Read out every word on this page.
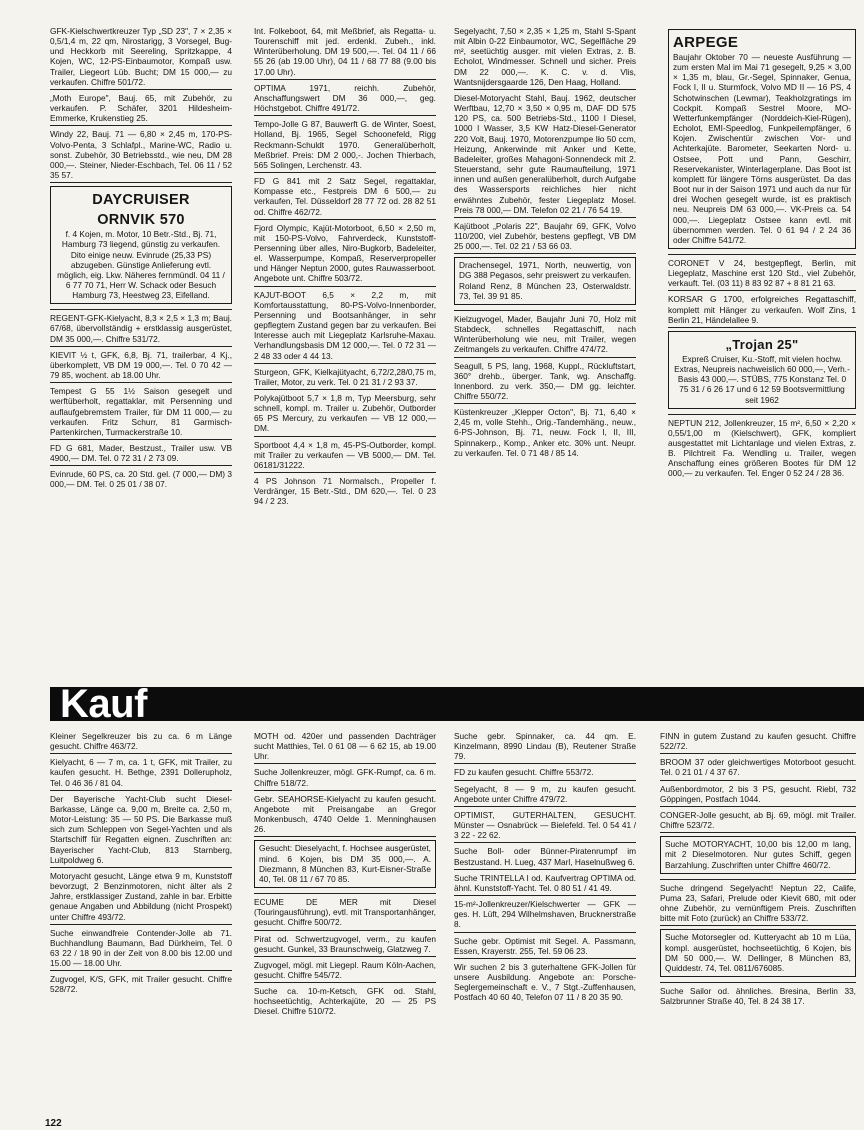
GFK-Kielschwertkreuzer Typ „SD 23", 7 × 2,35 × 0,5/1,4 m, 22 qm, Nirostarigg, 3 Vorsegel, Bug- und Heckkorb mit Seereling, Spritzkappe, 4 Kojen, WC, 12-PS-Einbaumotor, Kompaß usw. Trailer, Liegeort Lüb. Bucht; DM 15 000,— zu verkaufen. Chiffre 501/72.
„Moth Europe", Bauj. 65, mit Zubehör, zu verkaufen. P. Schäfer, 3201 Hildesheim-Emmerke, Krukenstieg 25.
Windy 22, Bauj. 71 — 6,80 × 2,45 m, 170-PS-Volvo-Penta, 3 Schlafpl., Marine-WC, Radio u. sonst. Zubehör, 30 Betriebsstd., wie neu, DM 28 000,—. Steiner, Nieder-Eschbach, Tel. 06 11 / 52 35 57.
DAYCRUISER
ORNVIK 570
f. 4 Kojen, m. Motor, 10 Betr.-Std., Bj. 71, Hamburg 73 liegend, günstig zu verkaufen. Dito einige neuw. Evinrude (25,33 PS) abzugeben. Günstige Anlieferung evtl. möglich, eig. Lkw. Näheres fernmündl. 04 11 / 6 77 70 71, Herr W. Schack oder Besuch Hamburg 73, Heestweg 23, Eifelland.
REGENT-GFK-Kielyacht, 8,3 × 2,5 × 1,3 m; Bauj. 67/68, übervollständig + erstklassig ausgerüstet, DM 35 000,—. Chiffre 531/72.
KIEVIT ½ t, GFK, 6,8, Bj. 71, trailerbar, 4 Kj., überkomplett, VB DM 19 000,—. Tel. 0 70 42 — 79 85, wochent. ab 18.00 Uhr.
Tempest G 55 1½ Saison gesegelt und werftüberholt, regattaklar, mit Persenning und auflaufgebremstem Trailer, für DM 11 000,— zu verkaufen. Fritz Schurr, 81 Garmisch-Partenkirchen, Turmackerstraße 10.
FD G 681, Mader, Bestzust., Trailer usw. VB 4900,— DM. Tel. 0 72 31 / 2 73 09.
Evinrude, 60 PS, ca. 20 Std. gel. (7 000,— DM) 3 000,— DM. Tel. 0 25 01 / 38 07.
Int. Folkeboot, 64, mit Meßbrief, als Regatta- u. Tourenschiff mit jed. erdenkl. Zubeh., inkl. Winterüberholung. DM 19 500,—. Tel. 04 11 / 66 55 26 (ab 19.00 Uhr), 04 11 / 68 77 88 (9.00 bis 17.00 Uhr).
OPTIMA 1971, reichh. Zubehör, Anschaffungswert DM 36 000,—, geg. Höchstgebot. Chiffre 491/72.
Tempo-Jolle G 87, Bauwerft G. de Winter, Soest, Holland, Bj. 1965, Segel Schoonefeld, Rigg Reckmann-Schuldt 1970. Generalüberholt, Meßbrief. Preis: DM 2 000,-. Jochen Thierbach, 565 Solingen, Lerchenstr. 43.
FD G 841 mit 2 Satz Segel, regattaklar, Kompasse etc., Festpreis DM 6 500,— zu verkaufen, Tel. Düsseldorf 28 77 72 od. 28 82 51 od. Chiffre 462/72.
Fjord Olympic, Kajüt-Motorboot, 6,50 × 2,50 m, mit 150-PS-Volvo, Fahrverdeck, Kunststoff-Persenning über alles, Niro-Bugkorb, Badeleiter, el. Wasserpumpe, Kompaß, Reserverpropeller und Hänger Neptun 2000, gutes Rauwasserboot. Angebote unt. Chiffre 503/72.
KAJUT-BOOT 6,5 × 2,2 m, mit Komfortausstattung, 80-PS-Volvo-Innenborder, Persenning und Bootsanhänger, in sehr gepflegtem Zustand gegen bar zu verkaufen. Bei Interesse auch mit Liegeplatz Karlsruhe-Maxau. Verhandlungsbasis DM 12 000,—. Tel. 0 72 31 — 2 48 33 oder 4 44 13.
Sturgeon, GFK, Kielkajütyacht, 6,72/2,28/0,75 m, Trailer, Motor, zu verk. Tel. 0 21 31 / 2 93 37.
Polykajütboot 5,7 × 1,8 m, Typ Meersburg, sehr schnell, kompl. m. Trailer u. Zubehör, Outborder 65 PS Mercury, zu verkaufen — VB 12 000,— DM.
Sportboot 4,4 × 1,8 m, 45-PS-Outborder, kompl. mit Trailer zu verkaufen — VB 5000,— DM. Tel. 06181/31222.
4 PS Johnson 71 Normalsch., Propeller f. Verdränger, 15 Betr.-Std., DM 620,—. Tel. 0 23 94 / 2 23.
Segelyacht, 7,50 × 2,35 × 1,25 m, Stahl S-Spant mit Albin 0-22 Einbaumotor, WC, Segelfläche 29 m², seetüchtig ausger. mit vielen Extras, z. B. Echolot, Windmesser. Schnell und sicher. Preis DM 22 000,—. K. C. v. d. Vlis, Wantsnijdersgaarde 126, Den Haag, Holland.
Diesel-Motoryacht Stahl, Bauj. 1962, deutscher Werftbau, 12,70 × 3,50 × 0,95 m, DAF DD 575 120 PS, ca. 500 Betriebs-Std., 1100 l Diesel, 1000 l Wasser, 3,5 KW Hatz-Diesel-Generator 220 Volt, Bauj. 1970, Motorenzpumpe Iło 50 ccm, Heizung, Ankerwinde mit Anker und Kette, Badeleiter, großes Mahagoni-Sonnendeck mit 2. Steuerstand, sehr gute Raumaufteilung, 1971 innen und außen generalüberholt, durch Aufgabe des Wassersports reichliches hier nicht erwähntes Zubehör, fester Liegeplatz Mosel. Preis 78 000,— DM. Telefon 02 21 / 76 54 19.
Kajütboot „Polaris 22", Baujahr 69, GFK, Volvo 110/200, viel Zubehör, bestens gepflegt, VB DM 25 000,—. Tel. 02 21 / 53 66 03.
Drachensegel, 1971, North, neuwertig, von DG 388 Pegasos, sehr preiswert zu verkaufen. Roland Renz, 8 München 23, Osterwaldstr. 73, Tel. 39 91 85.
Kielzugvogel, Mader, Baujahr Juni 70, Holz mit Stabdeck, schnelles Regattaschiff, nach Winterüberholung wie neu, mit Trailer, wegen Zeitmangels zu verkaufen. Chiffre 474/72.
Seagull, 5 PS, lang, 1968, Kuppl., Rückluftstart, 360° drehb., überger. Tank, wg. Anschaffg. Innenbord. zu verk. 350,— DM gg. leichter. Chiffre 550/72.
Küstenkreuzer „Klepper Octon", Bj. 71, 6,40 × 2,45 m, volle Stehh., Orig.-Tandemhäng., neuw., 6-PS-Johnson, Bj. 71, neuw. Fock I, II, III, Spinnakerp., Komp., Anker etc. 30% unt. Neupr. zu verkaufen. Tel. 0 71 48 / 85 14.
ARPEGE
Baujahr Oktober 70 — neueste Ausführung — zum ersten Mal im Mai 71 gesegelt, 9,25 × 3,00 × 1,35 m, blau, Gr.-Segel, Spinnaker, Genua, Fock I, II u. Sturmfock, Volvo MD II — 16 PS, 4 Schotwinschen (Lewmar), Teakholzgratings im Cockpit. Kompaß Sestrel Moore, MO-Wetterfunkempfänger (Norddeich-Kiel-Rügen), Echolot, EMI-Speedlog, Funkpeilempfänger, 6 Kojen. Zwischentür zwischen Vor- und Achterkajüte. Barometer, Seekarten Nord- u. Ostsee, Pott und Pann, Geschirr, Reservekanister, Winterlagerplane. Das Boot ist komplett für längere Törns ausgerüstet. Da das Boot nur in der Saison 1971 und auch da nur für drei Wochen gesegelt wurde, ist es praktisch neu. Neupreis DM 63 000,—. VK-Preis ca. 54 000,—. Liegeplatz Ostsee kann evtl. mit übernommen werden. Tel. 0 61 94 / 2 24 36 oder Chiffre 541/72.
CORONET V 24, bestgepflegt, Berlin, mit Liegeplatz, Maschine erst 120 Std., viel Zubehör, verkauft. Tel. (03 11) 8 83 92 87 + 8 81 21 63.
KORSAR G 1700, erfolgreiches Regattaschiff, komplett mit Hänger zu verkaufen. Wolf Zins, 1 Berlin 21, Händelallee 9.
„Trojan 25"
Expreß Cruiser, Ku.-Stoff, mit vielen hochw. Extras, Neupreis nachweislich 60 000,—, Verh.-Basis 43 000,—. STÜBS, 775 Konstanz Tel. 0 75 31 / 6 26 17 und 6 12 59 Bootsvermittlung seit 1962
NEPTUN 212, Jollenkreuzer, 15 m², 6,50 × 2,20 × 0,55/1,00 m (Kielschwert), GFK, kompliert ausgestattet mit Lichtanlage und vielen Extras, z. B. Pilchtreit Fa. Wendling u. Trailer, wegen Anschaffung eines größeren Bootes für DM 12 000,— zu verkaufen. Tel. Enger 0 52 24 / 28 36.
Kauf
Kleiner Segelkreuzer bis zu ca. 6 m Länge gesucht. Chiffre 463/72.
Kielyacht, 6 — 7 m, ca. 1 t, GFK, mit Trailer, zu kaufen gesucht. H. Bethge, 2391 Dollerupholz, Tel. 0 46 36 / 81 04.
Der Bayerische Yacht-Club sucht Diesel-Barkasse, Länge ca. 9,00 m, Breite ca. 2,50 m, Motor-Leistung: 35 — 50 PS. Die Barkasse muß sich zum Schleppen von Segel-Yachten und als Startschiff für Regatten eignen. Zuschriften an: Bayerischer Yacht-Club, 813 Starnberg, Luitpoldweg 6.
Motoryacht gesucht, Länge etwa 9 m, Kunststoff bevorzugt, 2 Benzinmotoren, nicht älter als 2 Jahre, erstklassiger Zustand, zahle in bar. Erbitte genaue Angaben und Abbildung (nicht Prospekt) unter Chiffre 493/72.
Suche einwandfreie Contender-Jolle ab 71. Buchhandlung Baumann, Bad Dürkheim, Tel. 0 63 22 / 18 90 in der Zeit von 8.00 bis 12.00 und 15.00 — 18.00 Uhr.
Zugvogel, K/S, GFK, mit Trailer gesucht. Chiffre 528/72.
MOTH od. 420er und passenden Dachträger sucht Matthies, Tel. 0 61 08 — 6 62 15, ab 19.00 Uhr.
Suche Jollenkreuzer, mögl. GFK-Rumpf, ca. 6 m. Chiffre 518/72.
Gebr. SEAHORSE-Kielyacht zu kaufen gesucht. Angebote mit Preisangabe an Gregor Monkenbusch, 4740 Oelde 1. Menninghausen 26.
Gesucht: Dieselyacht, f. Hochsee ausgerüstet, mind. 6 Kojen, bis DM 35 000,—. A. Diezmann, 8 München 83, Kurt-Eisner-Straße 40, Tel. 08 11 / 67 70 85.
ECUME DE MER mit Diesel (Touringausführung), evtl. mit Transportanhänger, gesucht. Chiffre 500/72.
Pirat od. Schwertzugvogel, verm., zu kaufen gesucht. Gunkel, 33 Braunschweig, Glatzweg 7.
Zugvogel, mögl. mit Liegepl. Raum Köln-Aachen, gesucht. Chiffre 545/72.
Suche ca. 10-m-Ketsch, GFK od. Stahl, hochseetüchtig, Achterkajüte, 20 — 25 PS Diesel. Chiffre 510/72.
Suche gebr. Spinnaker, ca. 44 qm. E. Kinzelmann, 8990 Lindau (B), Reutener Straße 79.
FD zu kaufen gesucht. Chiffre 553/72.
Segelyacht, 8 — 9 m, zu kaufen gesucht. Angebote unter Chiffre 479/72.
OPTIMIST, GUTERHALTEN, GESUCHT. Münster — Osnabrück — Bielefeld. Tel. 0 54 41 / 3 22 - 22 62.
Suche Boll- oder Bünner-Piratenrumpf im Bestzustand. H. Lueg, 437 Marl, Haselnußweg 6.
Suche TRINTELLA I od. Kaufvertrag OPTIMA od. ähnl. Kunststoff-Yacht. Tel. 0 80 51 / 41 49.
15-m²-Jollenkreuzer/Kielschwerter — GFK — ges. H. Lüft, 294 Wilhelmshaven, Brucknerstraße 8.
Suche gebr. Optimist mit Segel. A. Passmann, Essen, Krayerstr. 255, Tel. 59 06 23.
Wir suchen 2 bis 3 guterhaltene GFK-Jollen für unsere Ausbildung. Angebote an: Porsche-Seglergemeinschaft e. V., 7 Stgt.-Zuffenhausen, Postfach 40 60 40, Telefon 07 11 / 8 20 35 90.
FINN in gutem Zustand zu kaufen gesucht. Chiffre 522/72.
BROOM 37 oder gleichwertiges Motorboot gesucht. Tel. 0 21 01 / 4 37 67.
Außenbordmotor, 2 bis 3 PS, gesucht. Riebl, 732 Göppingen, Postfach 1044.
CONGER-Jolle gesucht, ab Bj. 69, mögl. mit Trailer. Chiffre 523/72.
Suche MOTORYACHT, 10,00 bis 12,00 m lang, mit 2 Dieselmotoren. Nur gutes Schiff, gegen Barzahlung. Zuschriften unter Chiffre 460/72.
Suche dringend Segelyacht! Neptun 22, Calife, Puma 23, Safari, Prelude oder Kievit 680, mit oder ohne Zubehör, zu vernünftigem Preis. Zuschriften bitte mit Foto (zurück) an Chiffre 533/72.
Suche Motorsegler od. Kutteryacht ab 10 m Lüa, kompl. ausgerüstet, hochseetüchtig, 6 Kojen, bis DM 50 000,—. W. Dellinger, 8 München 83, Quiddestr. 74, Tel. 0811/676085.
Suche Sailor od. ähnliches. Bresina, Berlin 33, Salzbrunner Straße 40, Tel. 8 24 38 17.
122
